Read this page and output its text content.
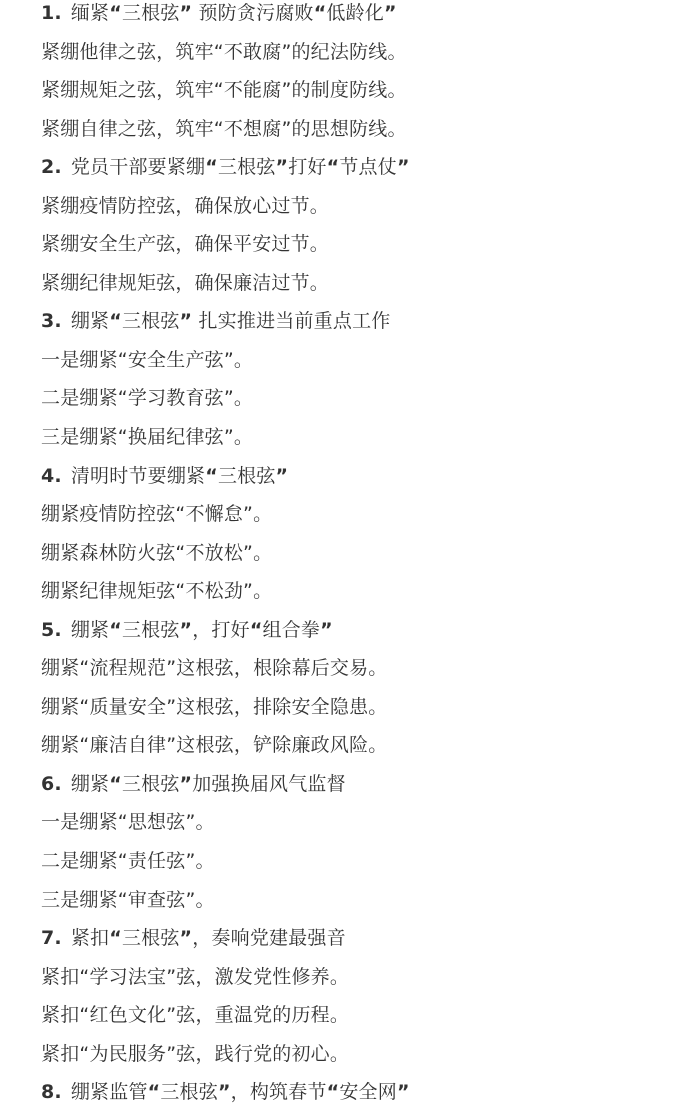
1. 缅紧“三根弦” 预防贪污腐败“低龄化”
紧绷他律之弦，筑牢“不敢腐”的纪法防线。
紧绷规矩之弦，筑牢“不能腐”的制度防线。
紧绷自律之弦，筑牢“不想腐”的思想防线。
2. 党员干部要紧绷“三根弦”打好“节点仗”
紧绷疫情防控弦，确保放心过节。
紧绷安全生产弦，确保平安过节。
紧绷纪律规矩弦，确保廉洁过节。
3. 绷紧“三根弦” 扎实推进当前重点工作
一是绷紧“安全生产弦”。
二是绷紧“学习教育弦”。
三是绷紧“换届纪律弦”。
4. 清明时节要绷紧“三根弦”
绷紧疫情防控弦“不懈怠”。
绷紧森林防火弦“不放松”。
绷紧纪律规矩弦“不松劲”。
5. 绷紧“三根弦”，打好“组合拳”
绷紧“流程规范”这根弦，根除幕后交易。
绷紧“质量安全”这根弦，排除安全隐患。
绷紧“廉洁自律”这根弦，铲除廉政风险。
6. 绷紧“三根弦”加强换届风气监督
一是绷紧“思想弦”。
二是绷紧“责任弦”。
三是绷紧“审查弦”。
7. 紧扣“三根弦”，奏响党建最强音
紧扣“学习法宝”弦，激发党性修养。
紧扣“红色文化”弦，重温党的历程。
紧扣“为民服务”弦，践行党的初心。
8. 绷紧监管“三根弦”，构筑春节“安全网”
